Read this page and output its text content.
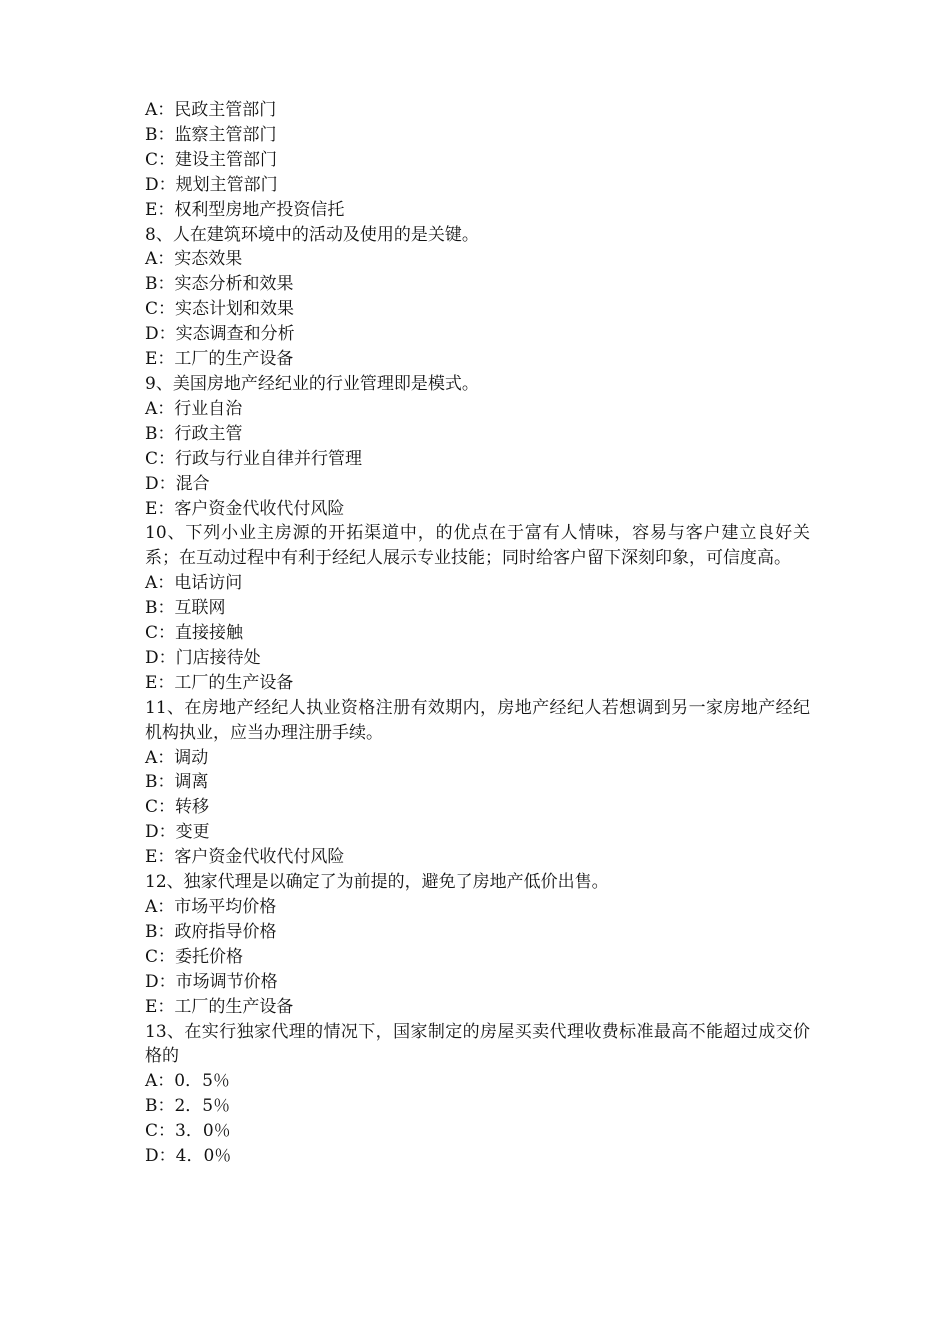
A：民政主管部门

B：监察主管部门

C：建设主管部门

D：规划主管部门

E：权利型房地产投资信托

8、人在建筑环境中的活动及使用的是关键。

A：实态效果

B：实态分析和效果

C：实态计划和效果

D：实态调查和分析

E：工厂的生产设备

9、美国房地产经纪业的行业管理即是模式。

A：行业自治

B：行政主管

C：行政与行业自律并行管理

D：混合

E：客户资金代收代付风险

10、下列小业主房源的开拓渠道中，的优点在于富有人情味，容易与客户建立良好关系；在互动过程中有利于经纪人展示专业技能；同时给客户留下深刻印象，可信度高。

A：电话访问

B：互联网

C：直接接触

D：门店接待处

E：工厂的生产设备

11、在房地产经纪人执业资格注册有效期内，房地产经纪人若想调到另一家房地产经纪机构执业，应当办理注册手续。

A：调动

B：调离

C：转移

D：变更

E：客户资金代收代付风险

12、独家代理是以确定了为前提的，避免了房地产低价出售。

A：市场平均价格

B：政府指导价格

C：委托价格

D：市场调节价格

E：工厂的生产设备

13、在实行独家代理的情况下，国家制定的房屋买卖代理收费标准最高不能超过成交价格的

A：0．5％

B：2．5％

C：3．0％

D：4．0％
